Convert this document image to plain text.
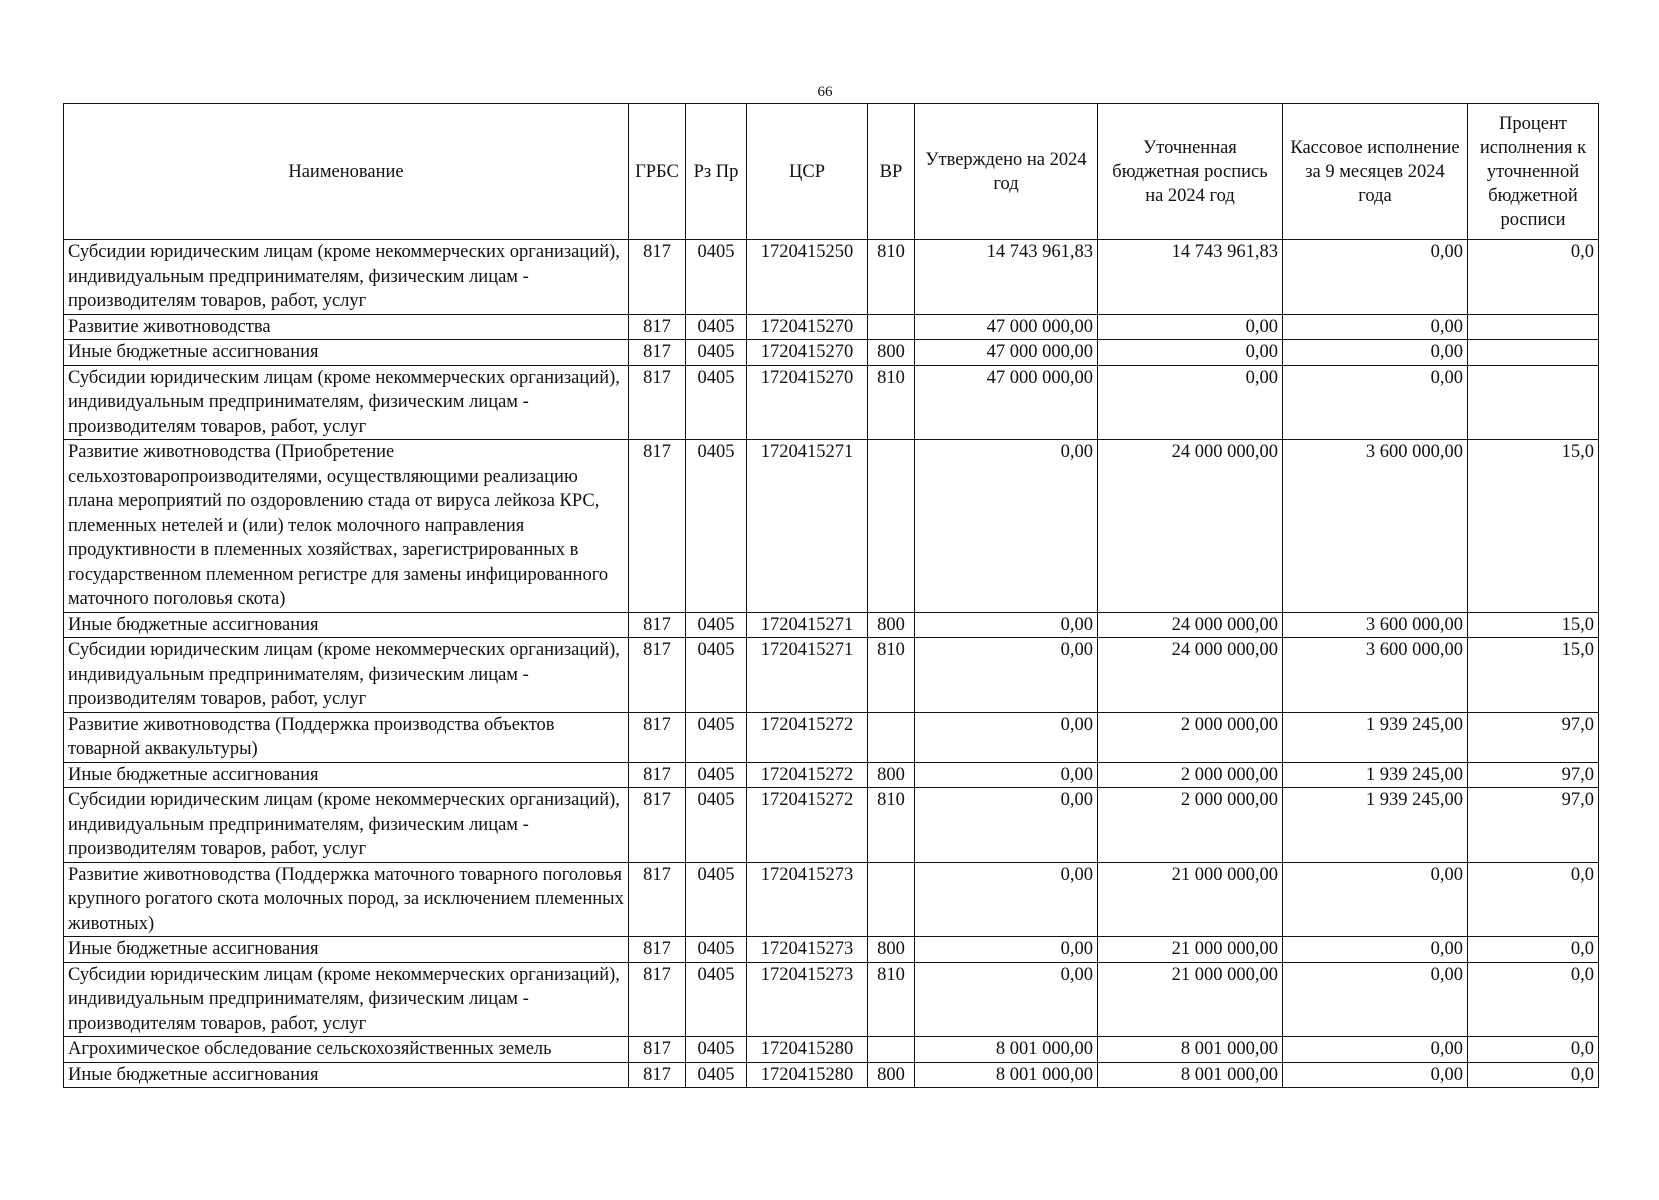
66
Наименование	ГРБС	Рз Пр	ЦСР	ВР	Утверждено на 2024 год	Уточненная бюджетная роспись на 2024 год	Кассовое исполнение за 9 месяцев 2024 года	Процент исполнения к уточненной бюджетной росписи
Субсидии юридическим лицам (кроме некоммерческих организаций), индивидуальным предпринимателям, физическим лицам - производителям товаров, работ, услуг	817	0405	1720415250	810	14 743 961,83	14 743 961,83	0,00	0,0
Развитие животноводства	817	0405	1720415270		47 000 000,00	0,00	0,00	
Иные бюджетные ассигнования	817	0405	1720415270	800	47 000 000,00	0,00	0,00	
Субсидии юридическим лицам (кроме некоммерческих организаций), индивидуальным предпринимателям, физическим лицам - производителям товаров, работ, услуг	817	0405	1720415270	810	47 000 000,00	0,00	0,00	
Развитие животноводства (Приобретение сельхозтоваропроизводителями, осуществляющими реализацию плана мероприятий по оздоровлению стада от вируса лейкоза КРС, племенных нетелей и (или) телок молочного направления продуктивности в племенных хозяйствах, зарегистрированных в государственном племенном регистре для замены инфицированного маточного поголовья скота)	817	0405	1720415271		0,00	24 000 000,00	3 600 000,00	15,0
Иные бюджетные ассигнования	817	0405	1720415271	800	0,00	24 000 000,00	3 600 000,00	15,0
Субсидии юридическим лицам (кроме некоммерческих организаций), индивидуальным предпринимателям, физическим лицам - производителям товаров, работ, услуг	817	0405	1720415271	810	0,00	24 000 000,00	3 600 000,00	15,0
Развитие животноводства (Поддержка производства объектов товарной аквакультуры)	817	0405	1720415272		0,00	2 000 000,00	1 939 245,00	97,0
Иные бюджетные ассигнования	817	0405	1720415272	800	0,00	2 000 000,00	1 939 245,00	97,0
Субсидии юридическим лицам (кроме некоммерческих организаций), индивидуальным предпринимателям, физическим лицам - производителям товаров, работ, услуг	817	0405	1720415272	810	0,00	2 000 000,00	1 939 245,00	97,0
Развитие животноводства (Поддержка маточного товарного поголовья крупного рогатого скота молочных пород, за исключением племенных животных)	817	0405	1720415273		0,00	21 000 000,00	0,00	0,0
Иные бюджетные ассигнования	817	0405	1720415273	800	0,00	21 000 000,00	0,00	0,0
Субсидии юридическим лицам (кроме некоммерческих организаций), индивидуальным предпринимателям, физическим лицам - производителям товаров, работ, услуг	817	0405	1720415273	810	0,00	21 000 000,00	0,00	0,0
Агрохимическое обследование сельскохозяйственных земель	817	0405	1720415280		8 001 000,00	8 001 000,00	0,00	0,0
Иные бюджетные ассигнования	817	0405	1720415280	800	8 001 000,00	8 001 000,00	0,00	0,0
